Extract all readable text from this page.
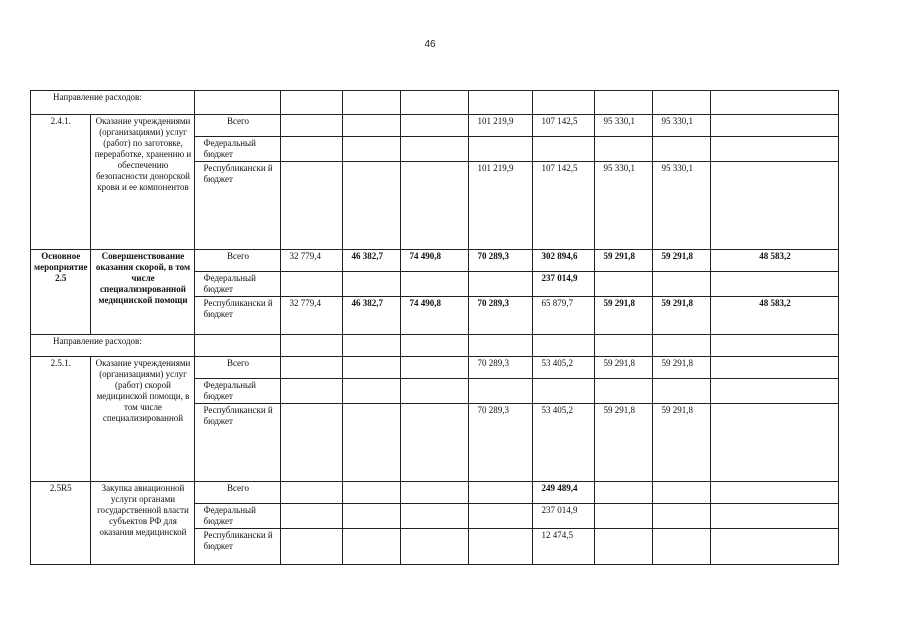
46
Направление расходов:										
2.4.1.	Оказание учреждениями (организациями) услуг (работ) по заготовке, переработке, хранению и обеспечению безопасности донорской крови и ее компонентов	Всего				101 219,9	107 142,5	95 330,1	95 330,1	
		Федеральный бюджет								
		Республикански й бюджет				101 219,9	107 142,5	95 330,1	95 330,1	
Основное мероприятие 2.5	Совершенствование оказания скорой, в том числе специализированной медицинской помощи	Всего	32 779,4	46 382,7	74 490,8	70 289,3	302 894,6	59 291,8	59 291,8	48 583,2
		Федеральный бюджет					237 014,9			
		Республикански й бюджет	32 779,4	46 382,7	74 490,8	70 289,3	65 879,7	59 291,8	59 291,8	48 583,2
Направление расходов:										
2.5.1.	Оказание учреждениями (организациями) услуг (работ) скорой медицинской помощи, в том числе специализированной	Всего				70 289,3	53 405,2	59 291,8	59 291,8	
		Федеральный бюджет								
		Республикански й бюджет				70 289,3	53 405,2	59 291,8	59 291,8	
2.5R5	Закупка авиационной услуги органами государственной власти субъектов РФ для оказания медицинской	Всего					249 489,4			
		Федеральный бюджет					237 014,9			
		Республикански й бюджет					12 474,5			
